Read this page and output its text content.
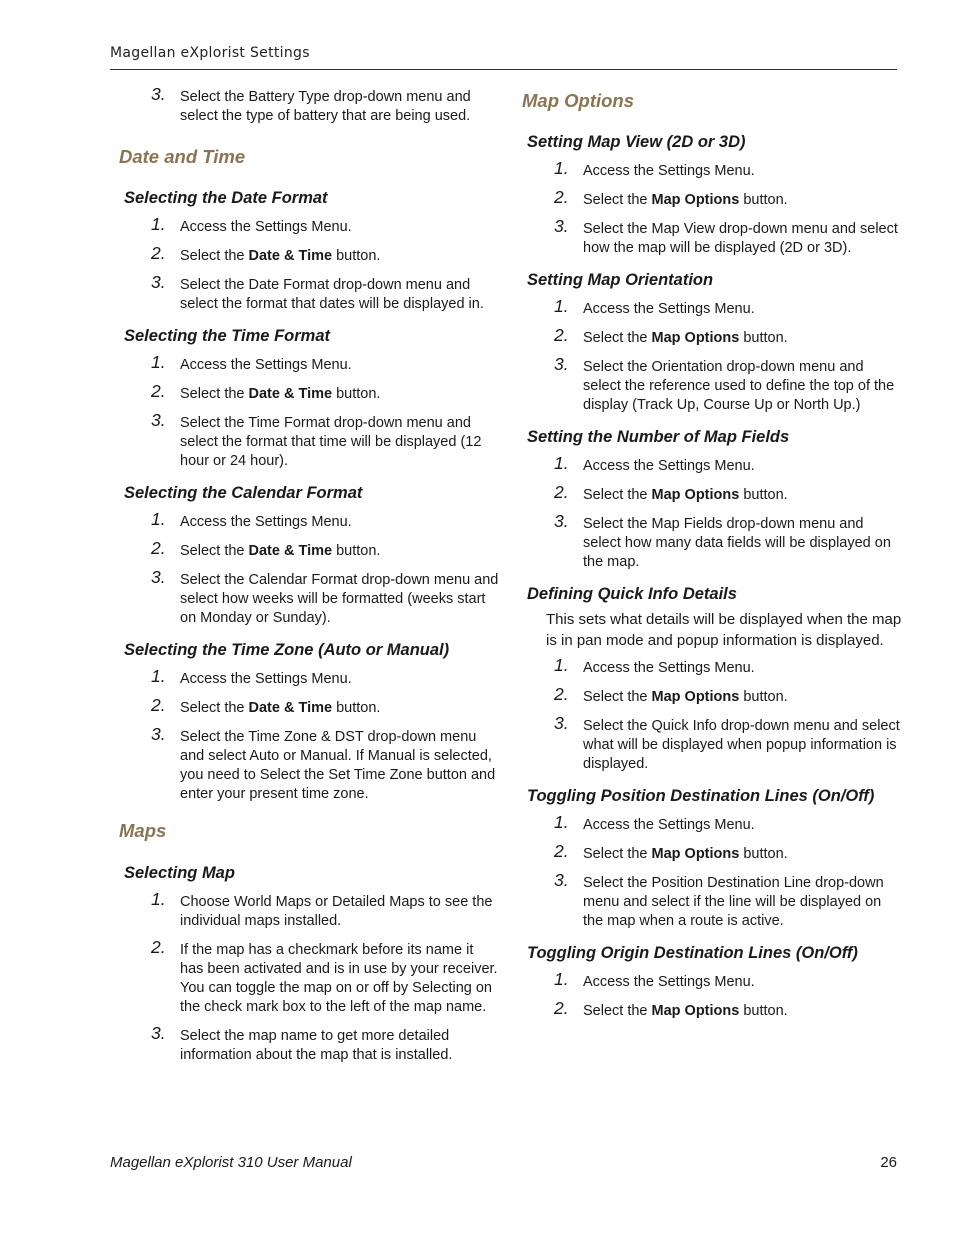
Magellan eXplorist Settings
3. Select the Battery Type drop-down menu and select the type of battery that are being used.
Date and Time
Selecting the Date Format
1. Access the Settings Menu.
2. Select the Date & Time button.
3. Select the Date Format drop-down menu and select the format that dates will be displayed in.
Selecting the Time Format
1. Access the Settings Menu.
2. Select the Date & Time button.
3. Select the Time Format drop-down menu and select the format that time will be displayed (12 hour or 24 hour).
Selecting the Calendar Format
1. Access the Settings Menu.
2. Select the Date & Time button.
3. Select the Calendar Format drop-down menu and select how weeks will be formatted (weeks start on Monday or Sunday).
Selecting the Time Zone (Auto or Manual)
1. Access the Settings Menu.
2. Select the Date & Time button.
3. Select the Time Zone & DST drop-down menu and select Auto or Manual. If Manual is selected, you need to Select the Set Time Zone button and enter your present time zone.
Maps
Selecting Map
1. Choose World Maps or Detailed Maps to see the individual maps installed.
2. If the map has a checkmark before its name it has been activated and is in use by your receiver. You can toggle the map on or off by Selecting on the check mark box to the left of the map name.
3. Select the map name to get more detailed information about the map that is installed.
Map Options
Setting Map View (2D or 3D)
1. Access the Settings Menu.
2. Select the Map Options button.
3. Select the Map View drop-down menu and select how the map will be displayed (2D or 3D).
Setting Map Orientation
1. Access the Settings Menu.
2. Select the Map Options button.
3. Select the Orientation drop-down menu and select the reference used to define the top of the display (Track Up, Course Up or North Up.)
Setting the Number of Map Fields
1. Access the Settings Menu.
2. Select the Map Options button.
3. Select the Map Fields drop-down menu and select how many data fields will be displayed on the map.
Defining Quick Info Details

This sets what details will be displayed when the map is in pan mode and popup information is displayed.

1. Access the Settings Menu.
2. Select the Map Options button.
3. Select the Quick Info drop-down menu and select what will be displayed when popup information is displayed.
Toggling Position Destination Lines (On/Off)
1. Access the Settings Menu.
2. Select the Map Options button.
3. Select the Position Destination Line drop-down menu and select if the line will be displayed on the map when a route is active.
Toggling Origin Destination Lines (On/Off)
1. Access the Settings Menu.
2. Select the Map Options button.
Magellan eXplorist 310 User Manual	26
